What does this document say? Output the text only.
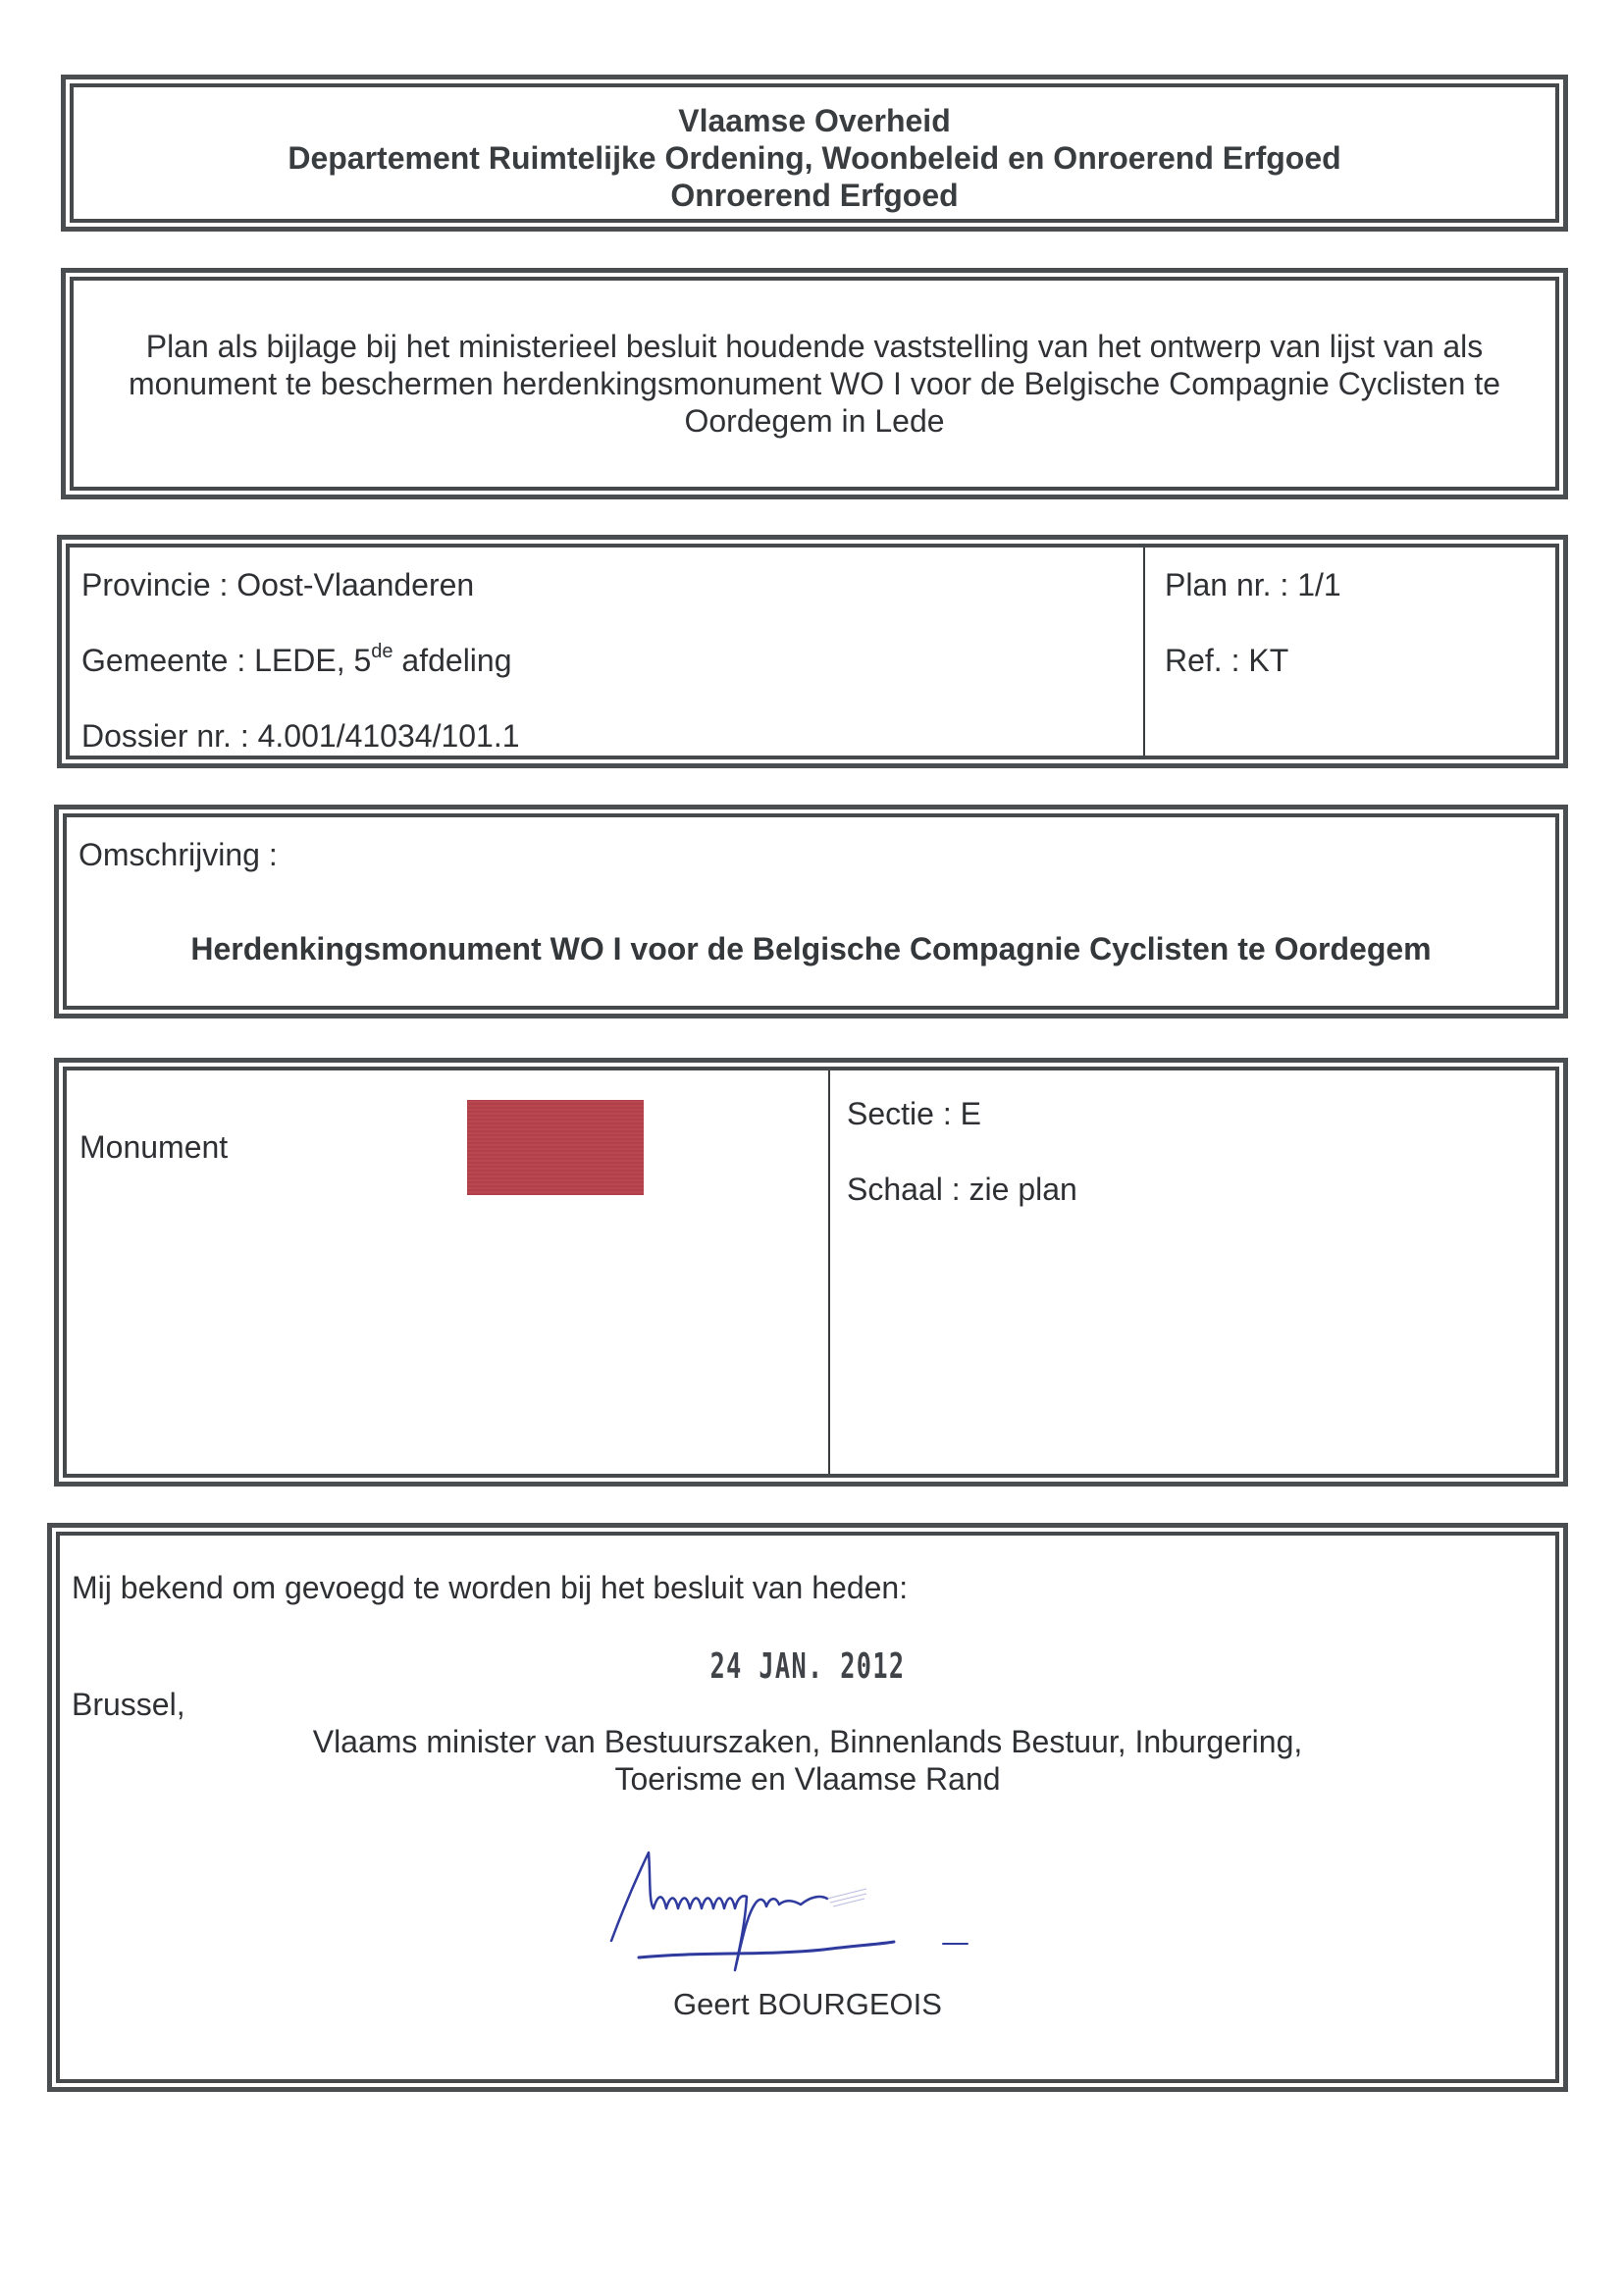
Vlaamse Overheid
Departement Ruimtelijke Ordening, Woonbeleid en Onroerend Erfgoed
Onroerend Erfgoed
Plan als bijlage bij het ministerieel besluit houdende vaststelling van het ontwerp van lijst van als
monument te beschermen herdenkingsmonument WO I voor de Belgische Compagnie Cyclisten te
Oordegem in Lede
Provincie : Oost-Vlaanderen
Gemeente : LEDE, 5de afdeling
Dossier nr. : 4.001/41034/101.1
Plan nr. : 1/1
Ref. : KT
Omschrijving :
Herdenkingsmonument WO I voor de Belgische Compagnie Cyclisten te Oordegem
Monument
Sectie : E
Schaal : zie plan
Mij bekend om gevoegd te worden bij het besluit van heden:
24 JAN. 2012
Brussel,
Vlaams minister van Bestuurszaken, Binnenlands Bestuur, Inburgering,
Toerisme en Vlaamse Rand
Geert BOURGEOIS
